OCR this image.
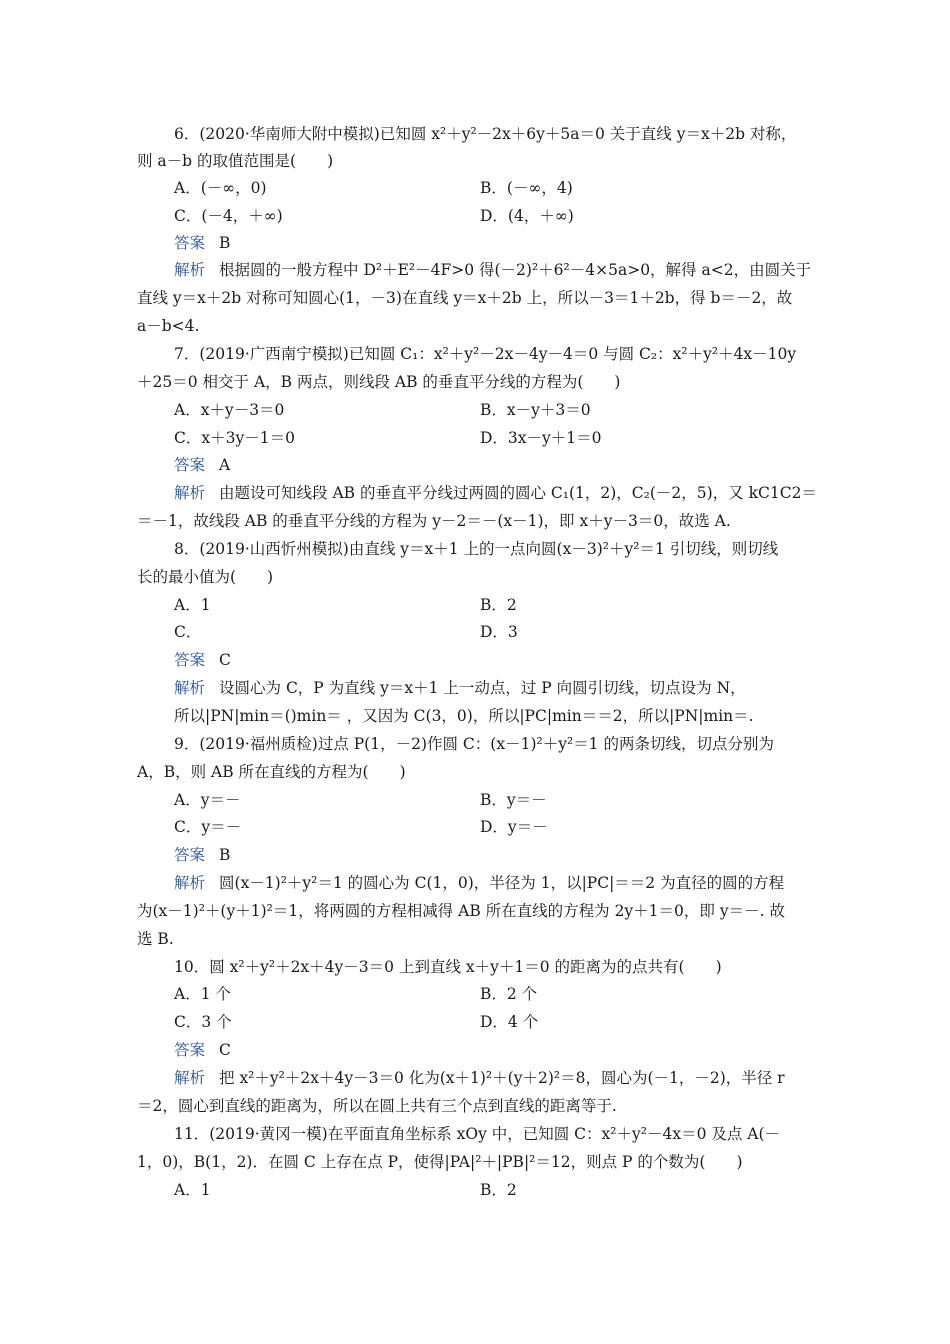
6．(2020·华南师大附中模拟)已知圆 x²＋y²－2x＋6y＋5a＝0 关于直线 y＝x＋2b 对称，
则 a－b 的取值范围是(　　)
A．(－∞，0)	B．(－∞，4)
C．(－4，＋∞)	D．(4，＋∞)
答案 B
解析 根据圆的一般方程中 D²＋E²－4F>0 得(－2)²＋6²－4×5a>0，解得 a<2，由圆关于
直线 y＝x＋2b 对称可知圆心(1，－3)在直线 y＝x＋2b 上，所以－3＝1＋2b，得 b＝－2，故
a－b<4.
7．(2019·广西南宁模拟)已知圆 C₁：x²＋y²－2x－4y－4＝0 与圆 C₂：x²＋y²＋4x－10y
＋25＝0 相交于 A，B 两点，则线段 AB 的垂直平分线的方程为(　　)
A．x＋y－3＝0	B．x－y＋3＝0
C．x＋3y－1＝0	D．3x－y＋1＝0
答案 A
解析 由题设可知线段 AB 的垂直平分线过两圆的圆心 C₁(1，2)，C₂(－2，5)，又 kC1C2＝
＝－1，故线段 AB 的垂直平分线的方程为 y－2＝－(x－1)，即 x＋y－3＝0，故选 A.
8．(2019·山西忻州模拟)由直线 y＝x＋1 上的一点向圆(x－3)²＋y²＝1 引切线，则切线
长的最小值为(　　)
A．1	B．2
C．	D．3
答案 C
解析 设圆心为 C，P 为直线 y＝x＋1 上一动点，过 P 向圆引切线，切点设为 N，
所以|PN|min＝()min＝ ，又因为 C(3，0)，所以|PC|min＝＝2，所以|PN|min＝.
9．(2019·福州质检)过点 P(1，－2)作圆 C：(x－1)²＋y²＝1 的两条切线，切点分别为
A，B，则 AB 所在直线的方程为(　　)
A．y＝－	B．y＝－
C．y＝－	D．y＝－
答案 B
解析 圆(x－1)²＋y²＝1 的圆心为 C(1，0)，半径为 1，以|PC|＝＝2 为直径的圆的方程
为(x－1)²＋(y＋1)²＝1，将两圆的方程相减得 AB 所在直线的方程为 2y＋1＝0，即 y＝－. 故
选 B.
10．圆 x²＋y²＋2x＋4y－3＝0 上到直线 x＋y＋1＝0 的距离为的点共有(　　)
A．1 个	B．2 个
C．3 个	D．4 个
答案 C
解析 把 x²＋y²＋2x＋4y－3＝0 化为(x＋1)²＋(y＋2)²＝8，圆心为(－1，－2)，半径 r
＝2，圆心到直线的距离为，所以在圆上共有三个点到直线的距离等于.
11．(2019·黄冈一模)在平面直角坐标系 xOy 中，已知圆 C：x²＋y²－4x＝0 及点 A(－
1，0)，B(1，2)．在圆 C 上存在点 P，使得|PA|²＋|PB|²＝12，则点 P 的个数为(　　)
A．1	B．2
